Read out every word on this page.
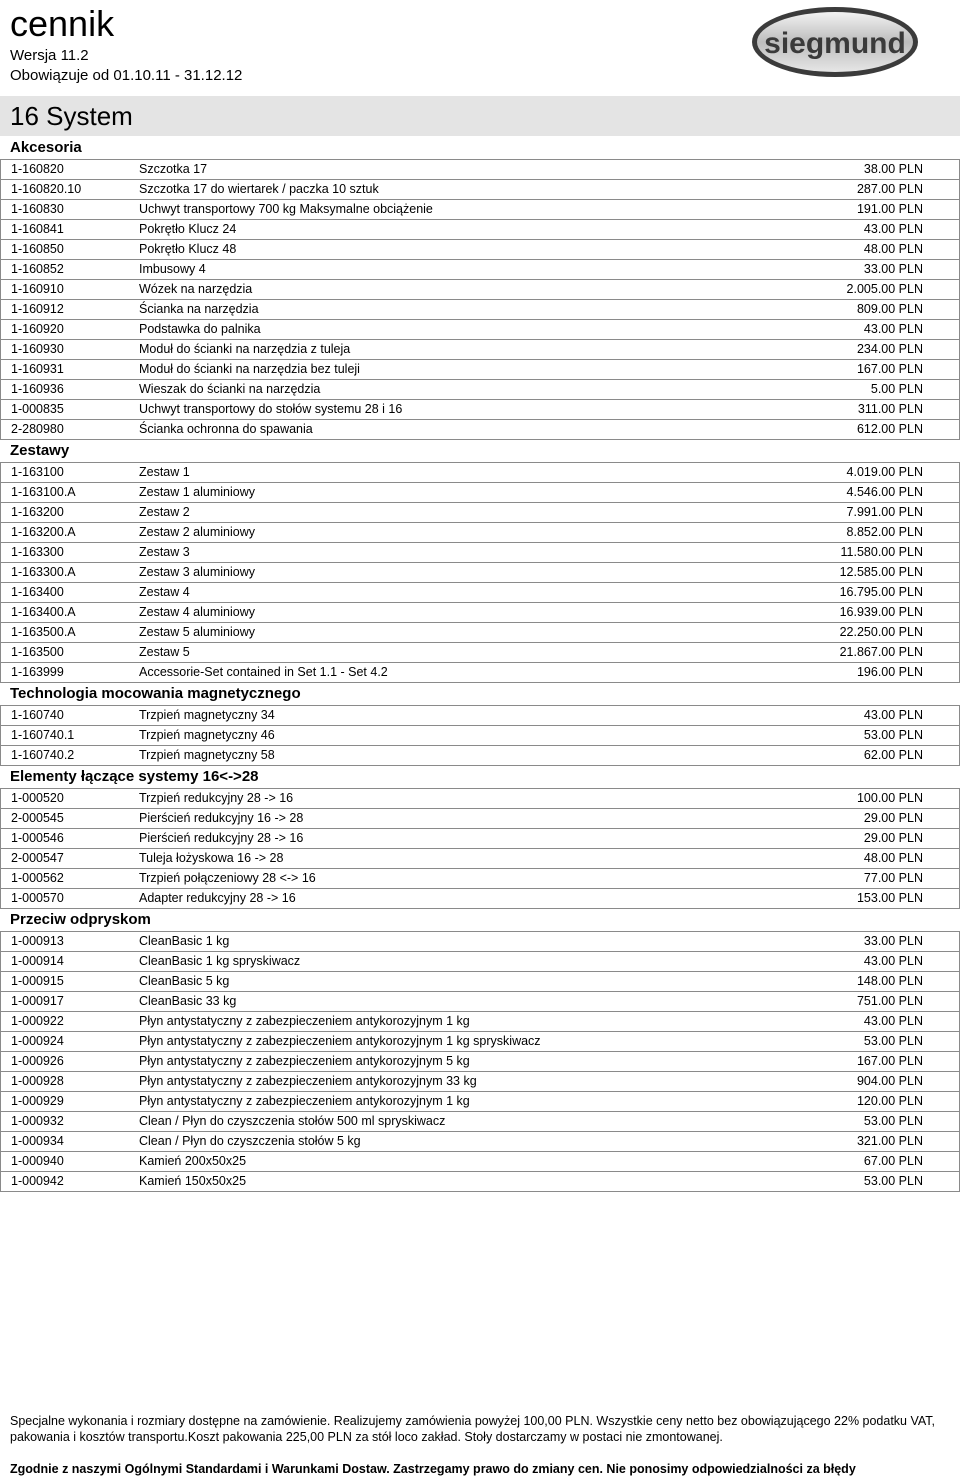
cennik
Wersja 11.2
Obowiązuje od 01.10.11 - 31.12.12
siegmund
16 System
Akcesoria
1-160820	Szczotka 17	38.00 PLN
1-160820.10	Szczotka 17 do wiertarek / paczka 10 sztuk	287.00 PLN
1-160830	Uchwyt transportowy 700 kg Maksymalne obciążenie	191.00 PLN
1-160841	Pokrętło Klucz 24	43.00 PLN
1-160850	Pokrętło Klucz 48	48.00 PLN
1-160852	Imbusowy 4	33.00 PLN
1-160910	Wózek na narzędzia	2.005.00 PLN
1-160912	Ścianka na narzędzia	809.00 PLN
1-160920	Podstawka do palnika	43.00 PLN
1-160930	Moduł do ścianki na narzędzia z tuleja	234.00 PLN
1-160931	Moduł do ścianki na narzędzia bez tuleji	167.00 PLN
1-160936	Wieszak do ścianki na narzędzia	5.00 PLN
1-000835	Uchwyt transportowy do stołów systemu 28 i 16	311.00 PLN
2-280980	Ścianka ochronna do spawania	612.00 PLN
Zestawy
1-163100	Zestaw 1	4.019.00 PLN
1-163100.A	Zestaw 1 aluminiowy	4.546.00 PLN
1-163200	Zestaw 2	7.991.00 PLN
1-163200.A	Zestaw 2 aluminiowy	8.852.00 PLN
1-163300	Zestaw 3	11.580.00 PLN
1-163300.A	Zestaw 3 aluminiowy	12.585.00 PLN
1-163400	Zestaw 4	16.795.00 PLN
1-163400.A	Zestaw 4 aluminiowy	16.939.00 PLN
1-163500.A	Zestaw 5 aluminiowy	22.250.00 PLN
1-163500	Zestaw 5	21.867.00 PLN
1-163999	Accessorie-Set contained in Set 1.1 - Set 4.2	196.00 PLN
Technologia mocowania magnetycznego
1-160740	Trzpień magnetyczny 34	43.00 PLN
1-160740.1	Trzpień magnetyczny 46	53.00 PLN
1-160740.2	Trzpień magnetyczny 58	62.00 PLN
Elementy łączące systemy 16<->28
1-000520	Trzpień redukcyjny 28 -> 16	100.00 PLN
2-000545	Pierścień redukcyjny 16 -> 28	29.00 PLN
1-000546	Pierścień redukcyjny 28 -> 16	29.00 PLN
2-000547	Tuleja łożyskowa 16 -> 28	48.00 PLN
1-000562	Trzpień połączeniowy 28 <-> 16	77.00 PLN
1-000570	Adapter redukcyjny 28 -> 16	153.00 PLN
Przeciw odpryskom
1-000913	CleanBasic 1 kg	33.00 PLN
1-000914	CleanBasic 1 kg spryskiwacz	43.00 PLN
1-000915	CleanBasic 5 kg	148.00 PLN
1-000917	CleanBasic 33 kg	751.00 PLN
1-000922	Płyn antystatyczny z zabezpieczeniem antykorozyjnym 1 kg	43.00 PLN
1-000924	Płyn antystatyczny z zabezpieczeniem antykorozyjnym 1 kg spryskiwacz	53.00 PLN
1-000926	Płyn antystatyczny z zabezpieczeniem antykorozyjnym 5 kg	167.00 PLN
1-000928	Płyn antystatyczny z zabezpieczeniem antykorozyjnym 33 kg	904.00 PLN
1-000929	Płyn antystatyczny z zabezpieczeniem antykorozyjnym 1 kg	120.00 PLN
1-000932	Clean / Płyn do czyszczenia stołów 500 ml spryskiwacz	53.00 PLN
1-000934	Clean / Płyn do czyszczenia stołów 5 kg	321.00 PLN
1-000940	Kamień 200x50x25	67.00 PLN
1-000942	Kamień 150x50x25	53.00 PLN
Specjalne wykonania i rozmiary dostępne na zamówienie. Realizujemy zamówienia powyżej 100,00 PLN. Wszystkie ceny netto bez obowiązującego 22% podatku VAT, pakowania i kosztów transportu.Koszt pakowania 225,00 PLN za stół loco zakład. Stoły dostarczamy w postaci nie zmontowanej.
Zgodnie z naszymi Ogólnymi Standardami i Warunkami Dostaw. Zastrzegamy prawo do zmiany cen. Nie ponosimy odpowiedzialności za błędy
